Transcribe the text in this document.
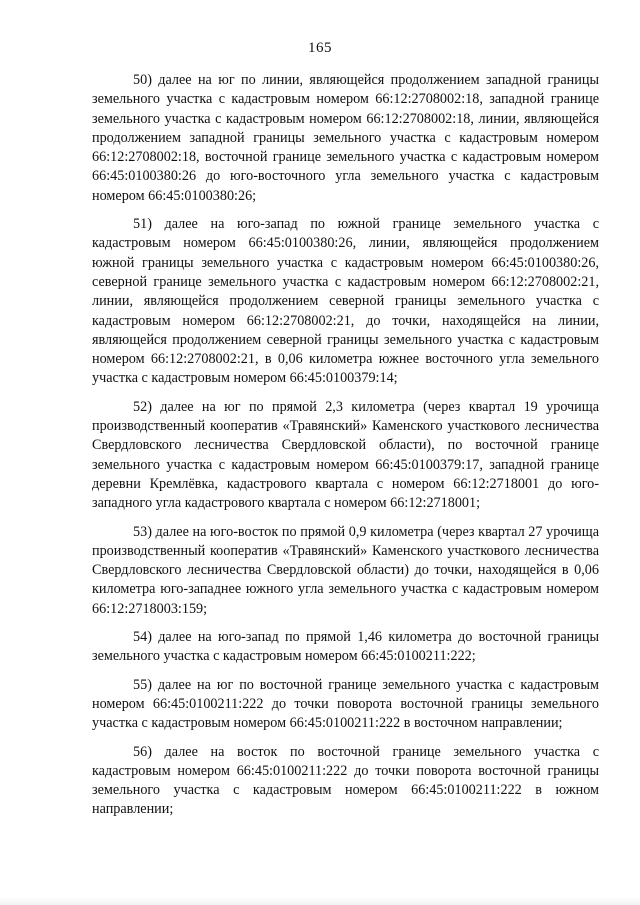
165

50) далее на юг по линии, являющейся продолжением западной границы земельного участка с кадастровым номером 66:12:2708002:18, западной границе земельного участка с кадастровым номером 66:12:2708002:18, линии, являющейся продолжением западной границы земельного участка с кадастровым номером 66:12:2708002:18, восточной границе земельного участка с кадастровым номером 66:45:0100380:26 до юго-восточного угла земельного участка с кадастровым номером 66:45:0100380:26;

51) далее на юго-запад по южной границе земельного участка с кадастровым номером 66:45:0100380:26, линии, являющейся продолжением южной границы земельного участка с кадастровым номером 66:45:0100380:26, северной границе земельного участка с кадастровым номером 66:12:2708002:21, линии, являющейся продолжением северной границы земельного участка с кадастровым номером 66:12:2708002:21, до точки, находящейся на линии, являющейся продолжением северной границы земельного участка с кадастровым номером 66:12:2708002:21, в 0,06 километра южнее восточного угла земельного участка с кадастровым номером 66:45:0100379:14;

52) далее на юг по прямой 2,3 километра (через квартал 19 урочища производственный кооператив «Травянский» Каменского участкового лесничества Свердловского лесничества Свердловской области), по восточной границе земельного участка с кадастровым номером 66:45:0100379:17, западной границе деревни Кремлёвка, кадастрового квартала с номером 66:12:2718001 до юго-западного угла кадастрового квартала с номером 66:12:2718001;

53) далее на юго-восток по прямой 0,9 километра (через квартал 27 урочища производственный кооператив «Травянский» Каменского участкового лесничества Свердловского лесничества Свердловской области) до точки, находящейся в 0,06 километра юго-западнее южного угла земельного участка с кадастровым номером 66:12:2718003:159;

54) далее на юго-запад по прямой 1,46 километра до восточной границы земельного участка с кадастровым номером 66:45:0100211:222;

55) далее на юг по восточной границе земельного участка с кадастровым номером 66:45:0100211:222 до точки поворота восточной границы земельного участка с кадастровым номером 66:45:0100211:222 в восточном направлении;

56) далее на восток по восточной границе земельного участка с кадастровым номером 66:45:0100211:222 до точки поворота восточной границы земельного участка с кадастровым номером 66:45:0100211:222 в южном направлении;
